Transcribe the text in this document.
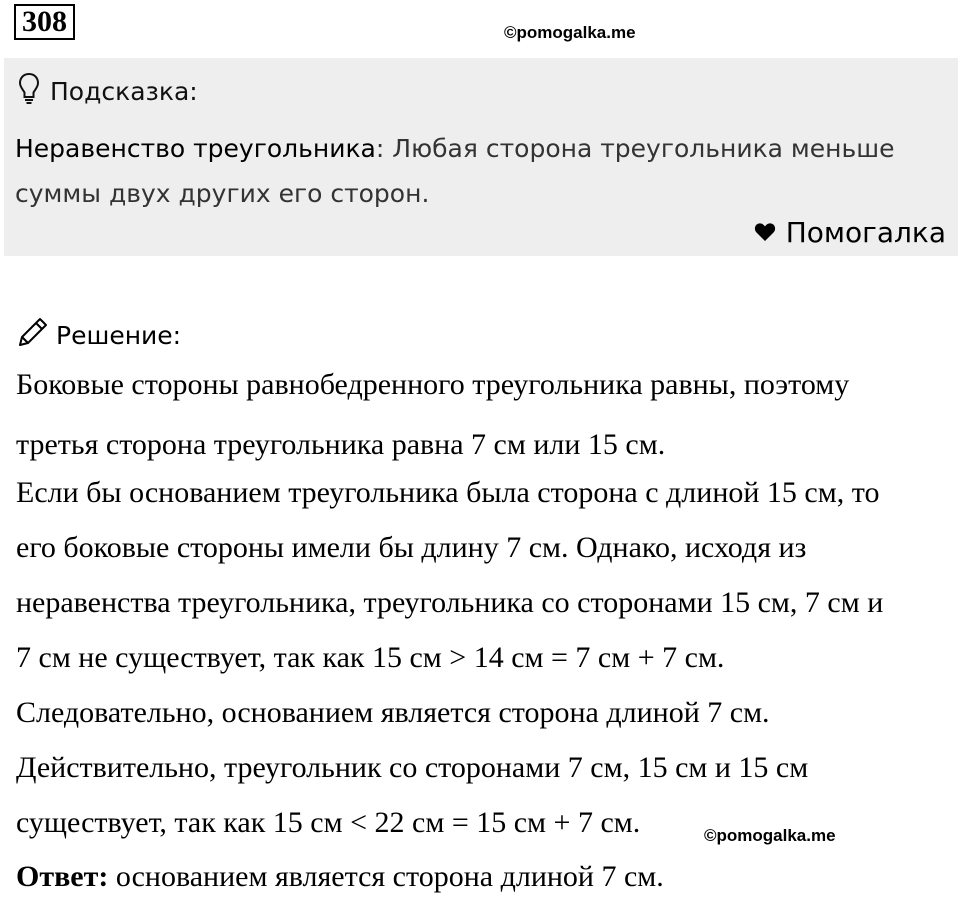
308	©pomogalka.me
Подсказка:
Неравенство треугольника: Любая сторона треугольника меньше суммы двух других его сторон.
Помогалка
Решение:
Боковые стороны равнобедренного треугольника равны, поэтому
третья сторона треугольника равна 7 см или 15 см.
Если бы основанием треугольника была сторона с длиной 15 см, то
его боковые стороны имели бы длину 7 см. Однако, исходя из
неравенства треугольника, треугольника со сторонами 15 см, 7 см и
7 см не существует, так как 15 см > 14 см = 7 см + 7 см.
Следовательно, основанием является сторона длиной 7 см.
Действительно, треугольник со сторонами 7 см, 15 см и 15 см
существует, так как 15 см < 22 см = 15 см + 7 см.
Ответ: основанием является сторона длиной 7 см.
©pomogalka.me
